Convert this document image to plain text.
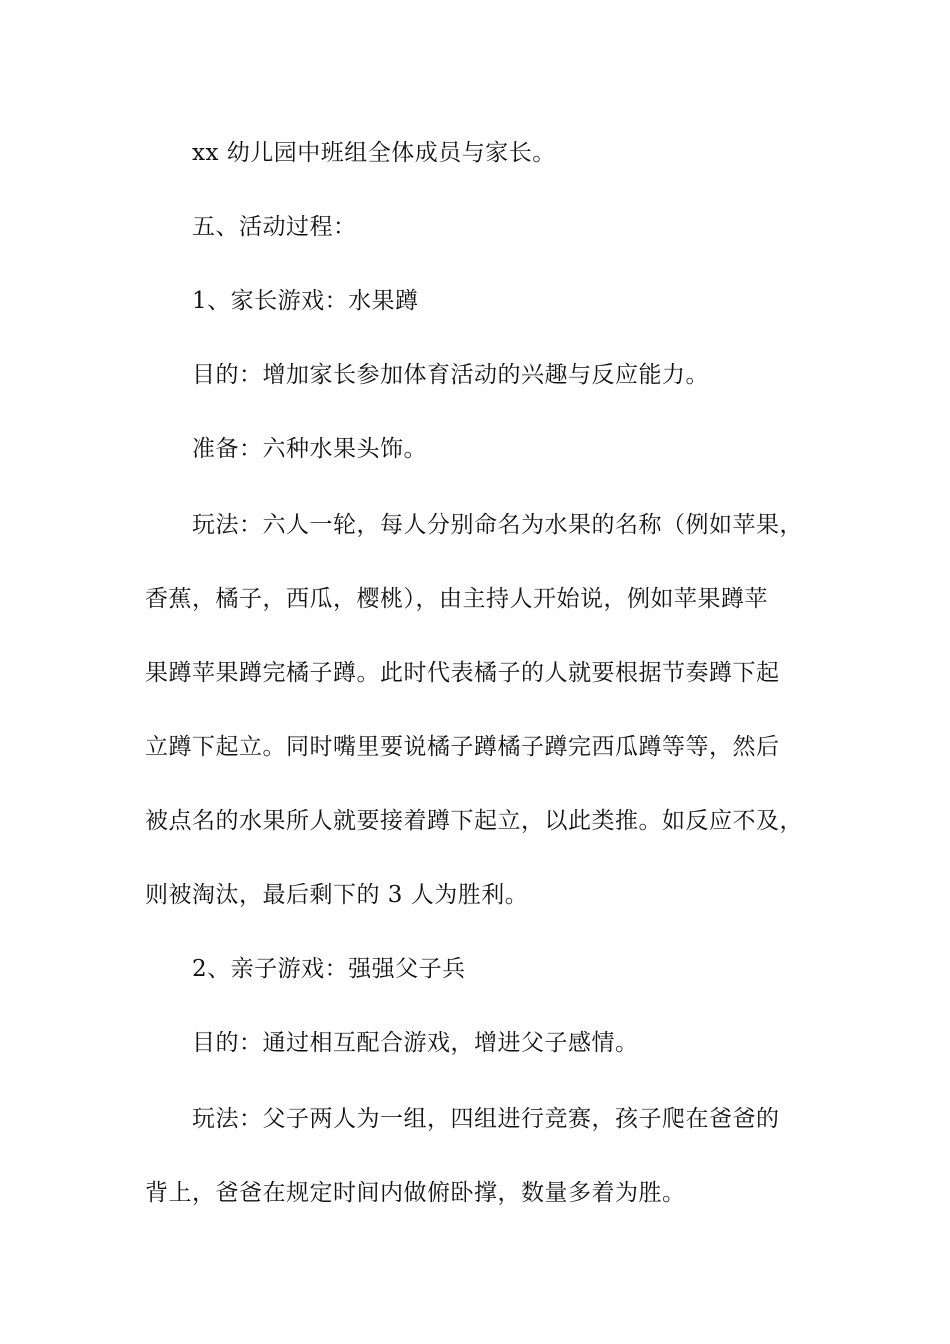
xx 幼儿园中班组全体成员与家长。
五、活动过程：
1、家长游戏：水果蹲
目的：增加家长参加体育活动的兴趣与反应能力。
准备：六种水果头饰。
玩法：六人一轮，每人分别命名为水果的名称（例如苹果，
香蕉，橘子，西瓜，樱桃），由主持人开始说，例如苹果蹲苹
果蹲苹果蹲完橘子蹲。此时代表橘子的人就要根据节奏蹲下起
立蹲下起立。同时嘴里要说橘子蹲橘子蹲完西瓜蹲等等，然后
被点名的水果所人就要接着蹲下起立，以此类推。如反应不及，
则被淘汰，最后剩下的 3 人为胜利。
2、亲子游戏：强强父子兵
目的：通过相互配合游戏，增进父子感情。
玩法：父子两人为一组，四组进行竞赛，孩子爬在爸爸的
背上，爸爸在规定时间内做俯卧撑，数量多着为胜。
